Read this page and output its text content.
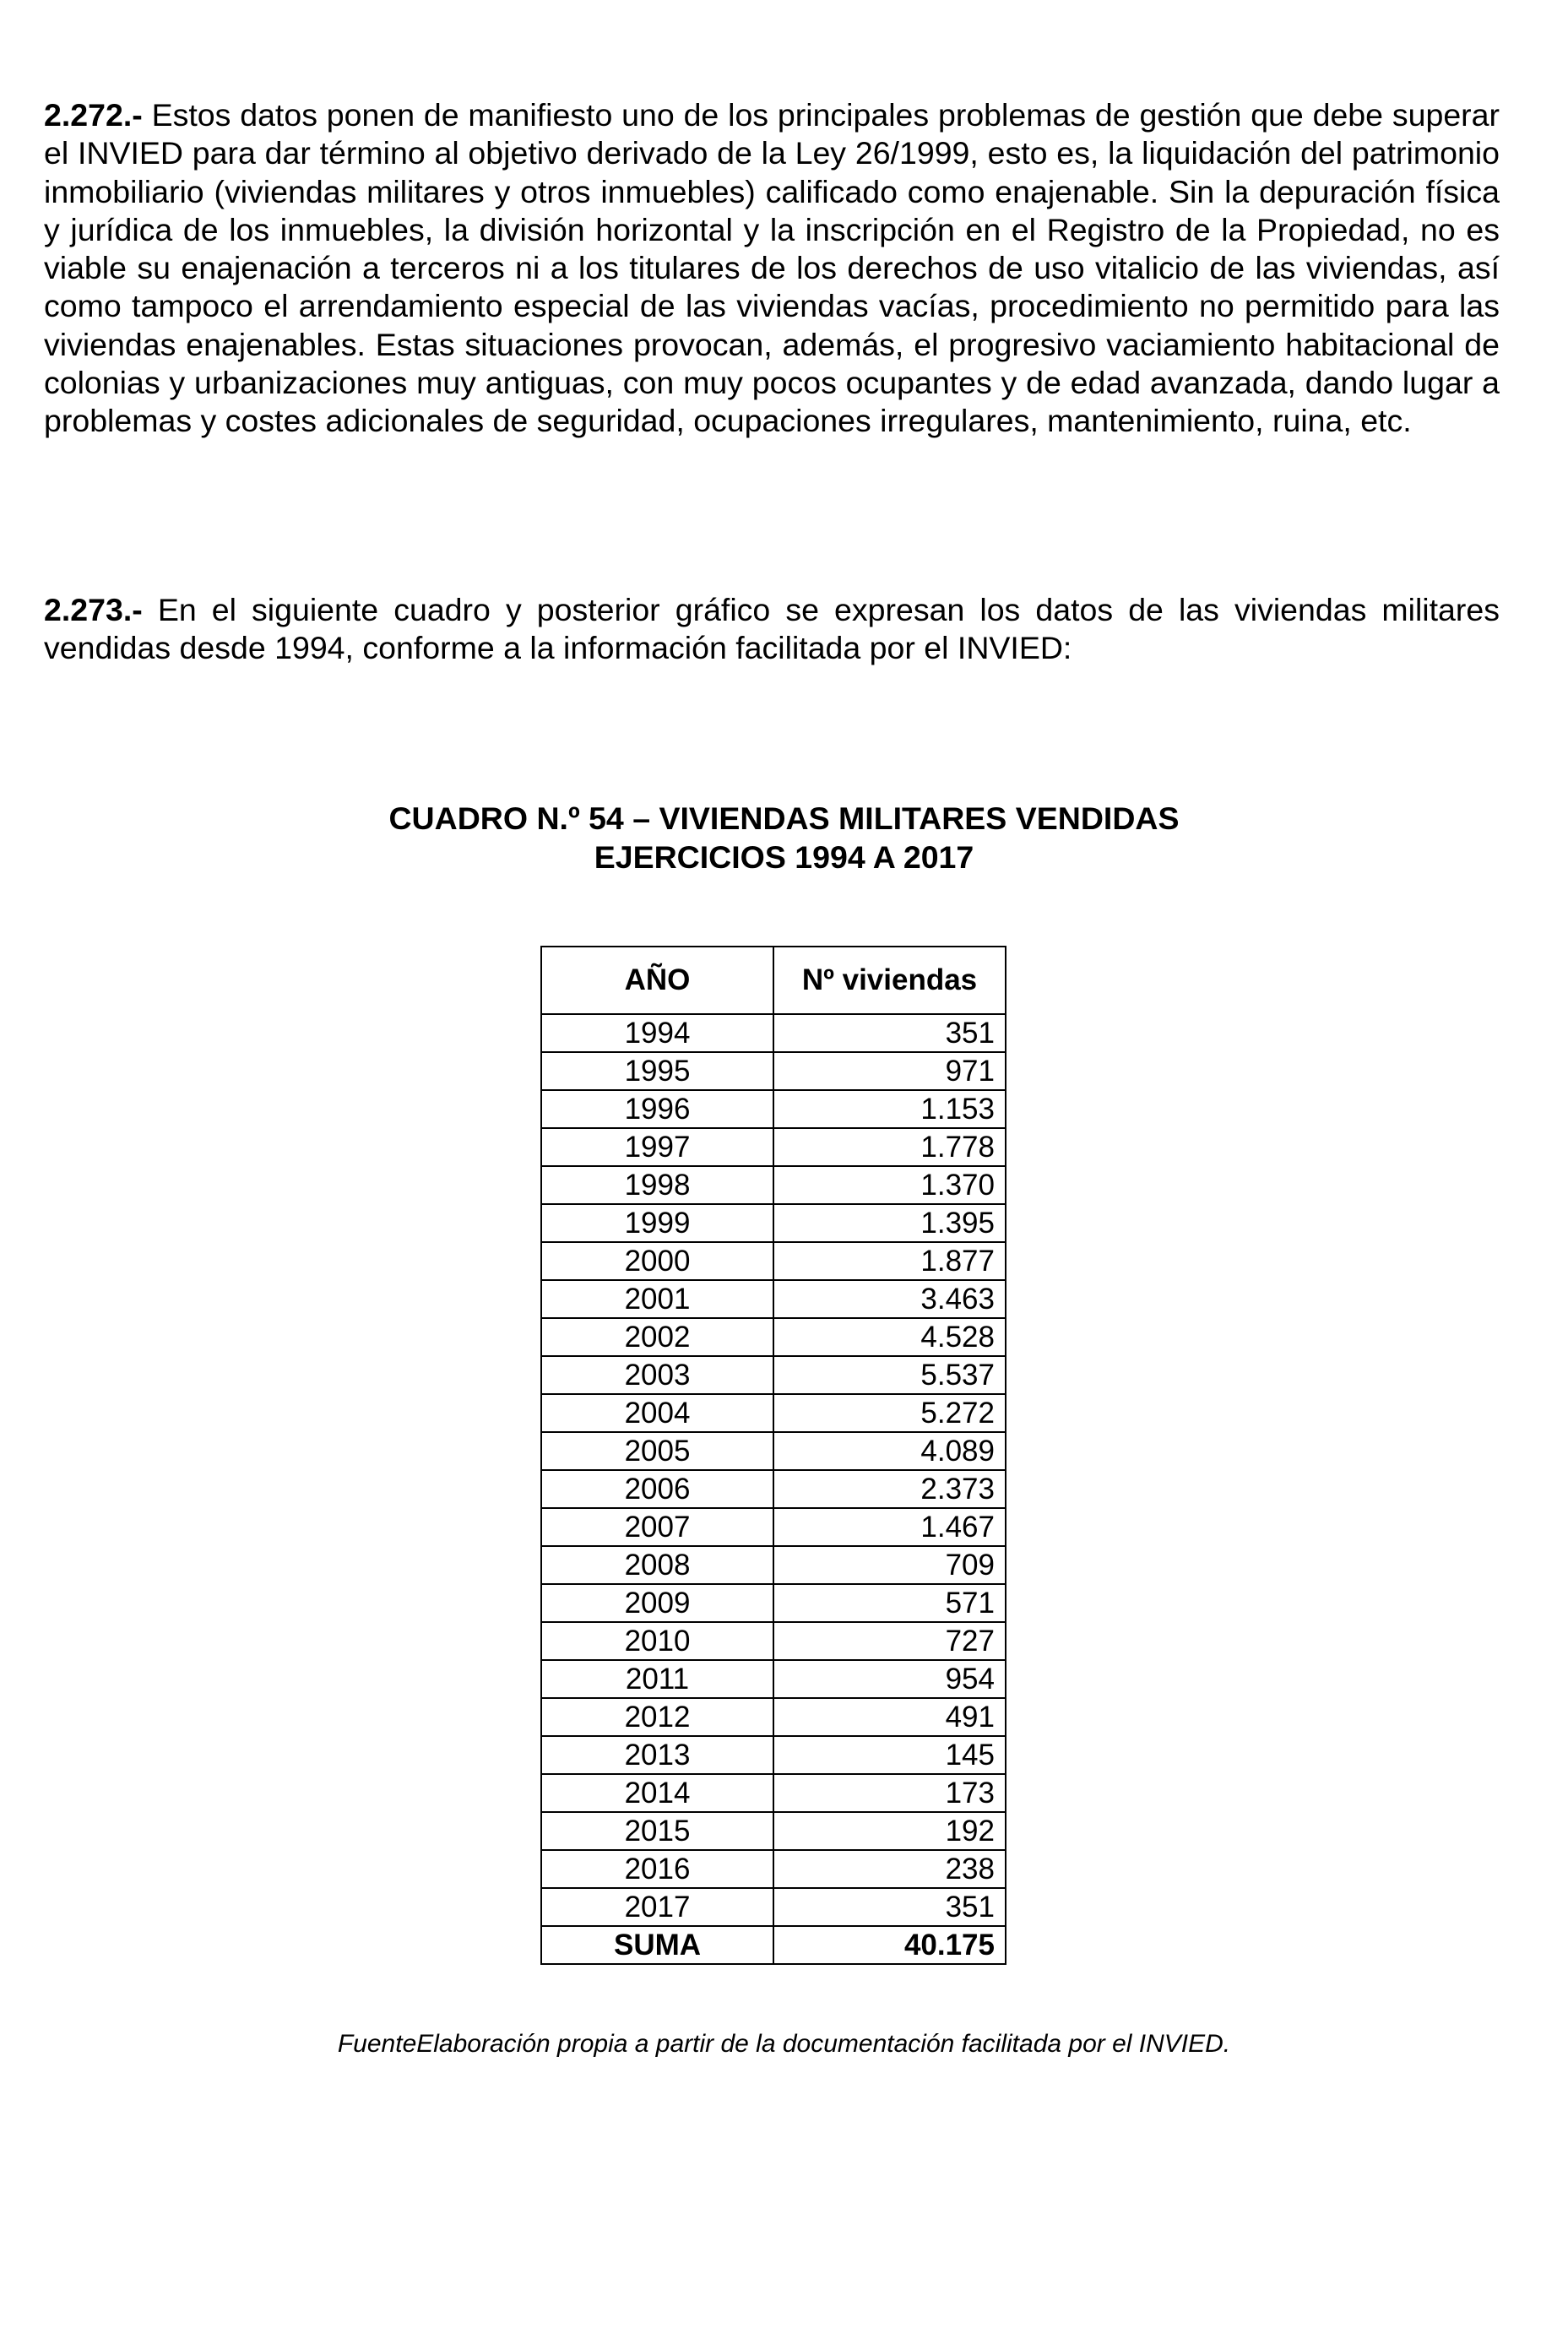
2.272.- Estos datos ponen de manifiesto uno de los principales problemas de gestión que debe superar el INVIED para dar término al objetivo derivado de la Ley 26/1999, esto es, la liquidación del patrimonio inmobiliario (viviendas militares y otros inmuebles) calificado como enajenable. Sin la depuración física y jurídica de los inmuebles, la división horizontal y la inscripción en el Registro de la Propiedad, no es viable su enajenación a terceros ni a los titulares de los derechos de uso vitalicio de las viviendas, así como tampoco el arrendamiento especial de las viviendas vacías, procedimiento no permitido para las viviendas enajenables. Estas situaciones provocan, además, el progresivo vaciamiento habitacional de colonias y urbanizaciones muy antiguas, con muy pocos ocupantes y de edad avanzada, dando lugar a problemas y costes adicionales de seguridad, ocupaciones irregulares, mantenimiento, ruina, etc.

2.273.- En el siguiente cuadro y posterior gráfico se expresan los datos de las viviendas militares vendidas desde 1994, conforme a la información facilitada por el INVIED:

CUADRO N.º 54 – VIVIENDAS MILITARES VENDIDAS

EJERCICIOS 1994 A 2017

AÑO	Nº viviendas
1994	351
1995	971
1996	1.153
1997	1.778
1998	1.370
1999	1.395
2000	1.877
2001	3.463
2002	4.528
2003	5.537
2004	5.272
2005	4.089
2006	2.373
2007	1.467
2008	709
2009	571
2010	727
2011	954
2012	491
2013	145
2014	173
2015	192
2016	238
2017	351
SUMA	40.175

FuenteElaboración propia a partir de la documentación facilitada por el INVIED.
